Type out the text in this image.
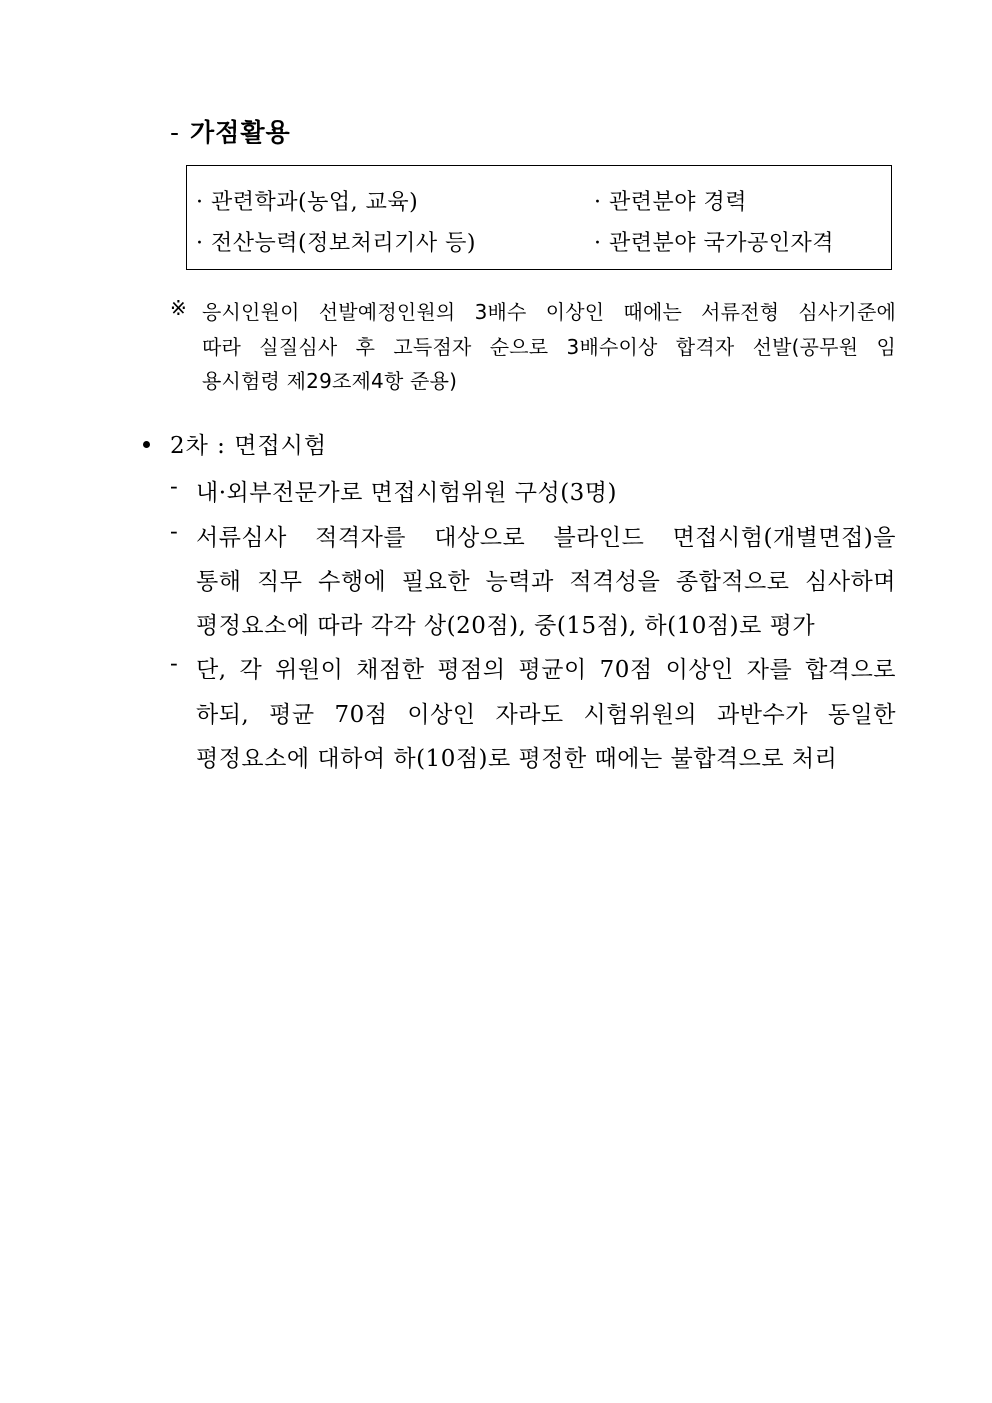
- 가점활용
· 관련학과(농업, 교육)	· 관련분야 경력
· 전산능력(정보처리기사 등)	· 관련분야 국가공인자격
※ 응시인원이 선발예정인원의 3배수 이상인 때에는 서류전형 심사기준에
따라 실질심사 후 고득점자 순으로 3배수이상 합격자 선발(공무원 임
용시험령 제29조제4항 준용)
2차 : 면접시험
- 내·외부전문가로 면접시험위원 구성(3명)
- 서류심사 적격자를 대상으로 블라인드 면접시험(개별면접)을
통해 직무 수행에 필요한 능력과 적격성을 종합적으로 심사하며
평정요소에 따라 각각 상(20점), 중(15점), 하(10점)로 평가
- 단, 각 위원이 채점한 평점의 평균이 70점 이상인 자를 합격으로
하되, 평균 70점 이상인 자라도 시험위원의 과반수가 동일한
평정요소에 대하여 하(10점)로 평정한 때에는 불합격으로 처리
